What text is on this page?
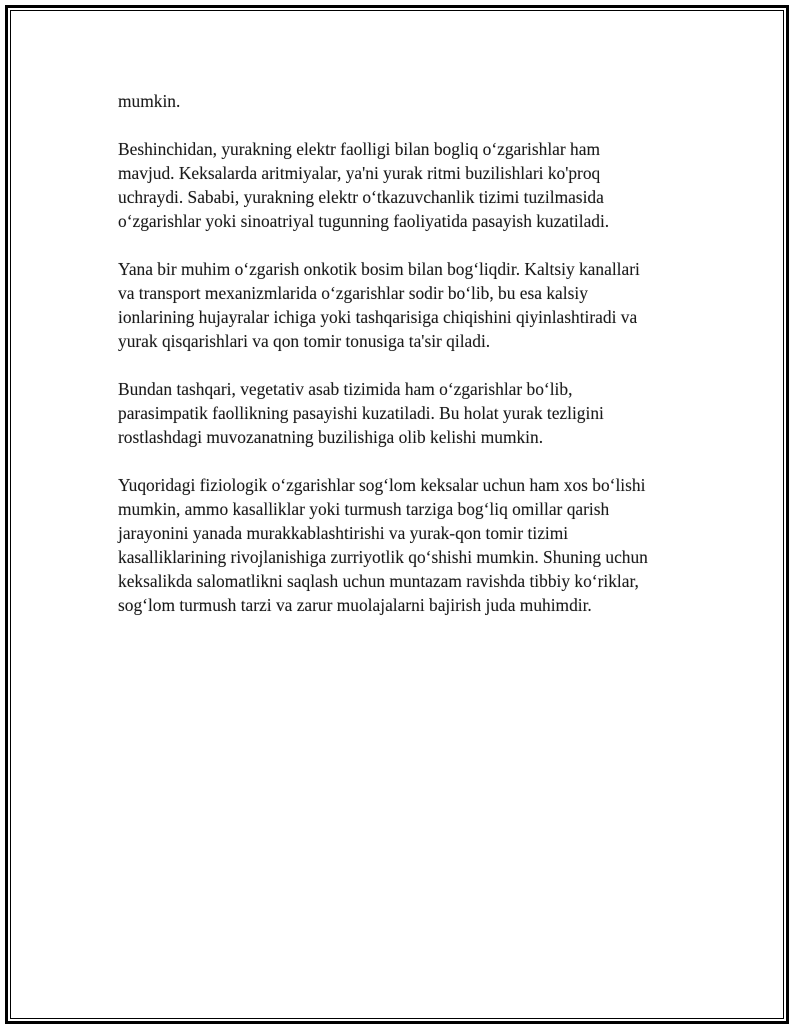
mumkin.

Beshinchidan, yurakning elektr faolligi bilan bogliq o‘zgarishlar ham
mavjud. Keksalarda aritmiyalar, ya'ni yurak ritmi buzilishlari ko'proq
uchraydi. Sababi, yurakning elektr o‘tkazuvchanlik tizimi tuzilmasida
o‘zgarishlar yoki sinoatriyal tugunning faoliyatida pasayish kuzatiladi.

Yana bir muhim o‘zgarish onkotik bosim bilan bog‘liqdir. Kaltsiy kanallari
va transport mexanizmlarida o‘zgarishlar sodir bo‘lib, bu esa kalsiy
ionlarining hujayralar ichiga yoki tashqarisiga chiqishini qiyinlashtiradi va
yurak qisqarishlari va qon tomir tonusiga ta'sir qiladi.

Bundan tashqari, vegetativ asab tizimida ham o‘zgarishlar bo‘lib,
parasimpatik faollikning pasayishi kuzatiladi. Bu holat yurak tezligini
rostlashdagi muvozanatning buzilishiga olib kelishi mumkin.

Yuqoridagi fiziologik o‘zgarishlar sog‘lom keksalar uchun ham xos bo‘lishi
mumkin, ammo kasalliklar yoki turmush tarziga bog‘liq omillar qarish
jarayonini yanada murakkablashtirishi va yurak-qon tomir tizimi
kasalliklarining rivojlanishiga zurriyotlik qo‘shishi mumkin. Shuning uchun
keksalikda salomatlikni saqlash uchun muntazam ravishda tibbiy ko‘riklar,
sog‘lom turmush tarzi va zarur muolajalarni bajirish juda muhimdir.
